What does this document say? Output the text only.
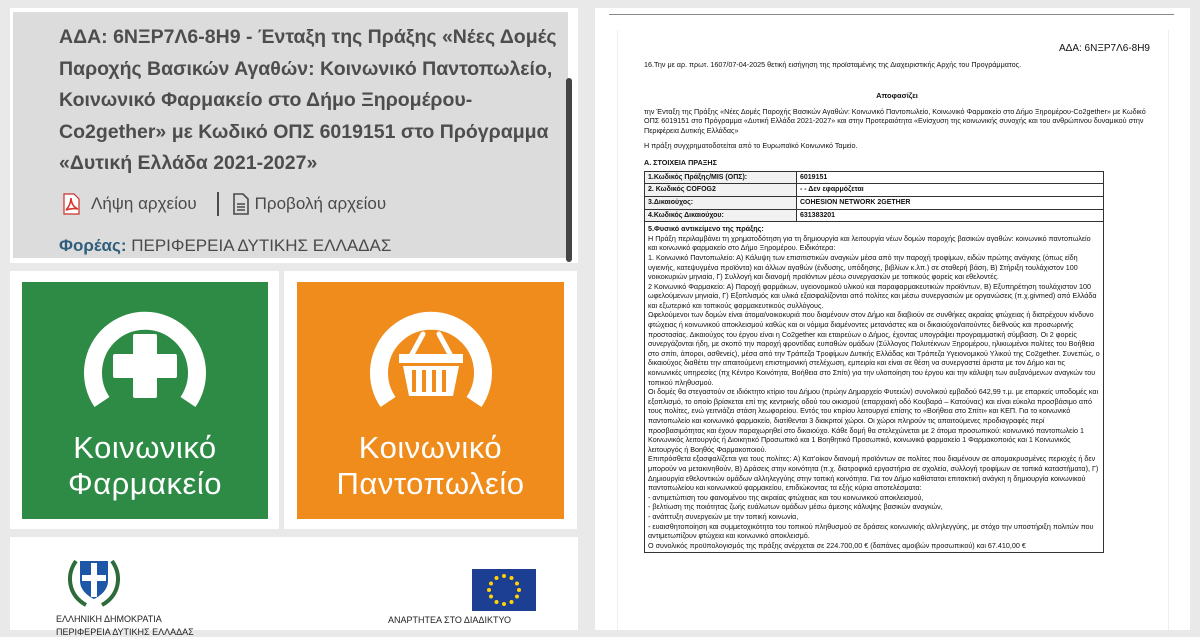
ΑΔΑ: 6ΝΞΡ7Λ6-8Η9 - Ένταξη της Πράξης «Νέες Δομές Παροχής Βασικών Αγαθών: Κοινωνικό Παντοπωλείο, Κοινωνικό Φαρμακείο στο Δήμο Ξηρομέρου-Co2gether» με Κωδικό ΟΠΣ 6019151 στο Πρόγραμμα «Δυτική Ελλάδα 2021-2027»
Λήψη αρχείου	Προβολή αρχείου
Φορέας: ΠΕΡΙΦΕΡΕΙΑ ΔΥΤΙΚΗΣ ΕΛΛΑΔΑΣ
Κοινωνικό
Φαρμακείο
Κοινωνικό
Παντοπωλείο
ΕΛΛΗΝΙΚΗ ΔΗΜΟΚΡΑΤΙΑ
ΠΕΡΙΦΕΡΕΙΑ ΔΥΤΙΚΗΣ ΕΛΛΑΔΑΣ
ΑΝΑΡΤΗΤΕΑ ΣΤΟ ΔΙΑΔΙΚΤΥΟ
ΑΔΑ: 6ΝΞΡ7Λ6-8Η9
16.Την με αρ. πρωτ. 1607/07-04-2025 θετική εισήγηση της προϊσταμένης της Διαχειριστικής Αρχής του Προγράμματος.
Αποφασίζει
την Ένταξη της Πράξης «Νέες Δομές Παροχής Βασικών Αγαθών: Κοινωνικό Παντοπωλείο, Κοινωνικό Φαρμακείο στο Δήμο Ξηρομέρου-Co2gether» με Κωδικό ΟΠΣ 6019151 στο Πρόγραμμα «Δυτική Ελλάδα 2021-2027» και στην Προτεραιότητα «Ενίσχυση της κοινωνικής συνοχής και του ανθρώπινου δυναμικού στην Περιφέρεια Δυτικής Ελλάδας»
Η πράξη συγχρηματοδοτείται από το Ευρωπαϊκό Κοινωνικό Ταμείο.
Α. ΣΤΟΙΧΕΙΑ ΠΡΑΞΗΣ
1.Κωδικός Πράξης/MIS (ΟΠΣ):	6019151
2. Κωδικός COFOG2	- - Δεν εφαρμόζεται
3.Δικαιούχος:	COHESION NETWORK 2GETHER
4.Κωδικός Δικαιούχου:	631383201
5.Φυσικό αντικείμενο της πράξης:
Η Πράξη περιλαμβάνει τη χρηματοδότηση για τη δημιουργία και λειτουργία νέων δομών παροχής βασικών αγαθών: κοινωνικό παντοπωλείο και κοινωνικό φαρμακείο στο Δήμο Ξηρομέρου. Ειδικότερα:
1. Κοινωνικό Παντοπωλείο: Α) Κάλυψη των επισιτιστικών αναγκών μέσα από την παροχή τροφίμων, ειδών πρώτης ανάγκης (όπως είδη υγιεινής, κατεψυγμένα προϊόντα) και άλλων αγαθών (ένδυσης, υπόδησης, βιβλίων κ.λπ.) σε σταθερή βάση, Β) Στήριξη τουλάχιστον 100 νοικοκυριών μηνιαία, Γ) Συλλογή και διανομή προϊόντων μέσω συνεργασιών με τοπικούς φορείς και εθελοντές.
2 Κοινωνικό Φαρμακείο: Α) Παροχή φαρμάκων, υγειονομικού υλικού και παραφαρμακευτικών προϊόντων, Β) Εξυπηρέτηση τουλάχιστον 100 ωφελούμενων μηνιαία, Γ) Εξοπλισμός και υλικά εξασφαλίζονται από πολίτες και μέσω συνεργασιών με οργανώσεις (π.χ.givmed) από Ελλάδα και εξωτερικό και τοπικούς φαρμακευτικούς συλλόγους.
Ωφελούμενοι των δομών είναι άτομα/νοικοκυριά που διαμένουν στον Δήμο και διαβιούν σε συνθήκες ακραίας φτώχειας ή διατρέχουν κίνδυνο φτώχειας ή κοινωνικού αποκλεισμού καθώς και οι νόμιμα διαμένοντες μετανάστες και οι δικαιούχοι/αιτούντες διεθνούς και προσωρινής προστασίας. Δικαιούχος του έργου είναι η Co2gether και εταιρεύων ο Δήμος, έχοντας υπογράψει προγραμματική σύμβαση. Οι 2 φορείς συνεργάζονται ήδη, με σκοπό την παροχή φροντίδας ευπαθών ομάδων (Σύλλογος Πολυτέκνων Ξηρομέρου, ηλικιωμένοι πολίτες του Βοήθεια στο σπίτι, άποροι, ασθενείς), μέσα από την Τράπεζα Τροφίμων Δυτικής Ελλάδας και Τράπεζα Υγειονομικού Υλικού της Co2gether. Συνεπώς, ο δικαιούχος διαθέτει την απαιτούμενη επιστημονική στελέχωση, εμπειρία και είναι σε θέση να συνεργαστεί άριστα με τον Δήμο και τις κοινωνικές υπηρεσίες (πχ Κέντρο Κοινότητα, Βοήθεια στο Σπίτι) για την υλοποίηση του έργου και την κάλυψη των αυξανόμενων αναγκών του τοπικού πληθυσμού.
Οι δομές θα στεγαστούν σε ιδιόκτητο κτίριο του Δήμου (πρώην Δημαρχείο Φυτειών) συνολικού εμβαδού 642,99 τ.μ. με επαρκείς υποδομές και εξοπλισμό, το οποίο βρίσκεται επί της κεντρικής οδού του οικισμού (επαρχιακή οδό Κουβαρά – Κατούνας) και είναι εύκολα προσβάσιμο από τους πολίτες, ενώ γειτνιάζει στάση λεωφορείου. Εντός του κτιρίου λειτουργεί επίσης το «Βοήθεια στο Σπίτι» και ΚΕΠ. Για το κοινωνικό παντοπωλείο και κοινωνικό φαρμακείο, διατίθενται 3 διακριτοί χώροι. Οι χώροι πληρούν τις απαιτούμενες προδιαγραφές περί προσβασιμότητας και έχουν παραχωρηθεί στο δικαιούχο. Κάθε δομή θα στελεχώνεται με 2 άτομα προσωπικού: κοινωνικό παντοπωλείο 1 Κοινωνικός λειτουργός ή Διοικητικό Προσωπικό και 1 Βοηθητικό Προσωπικό, κοινωνικό φαρμακείο 1 Φαρμακοποιός και 1 Κοινωνικός λειτουργός ή Βοηθός Φαρμακοποιού.
Επιπρόσθετα εξασφαλίζεται για τους πολίτες: Α) Κατ'οίκον διανομή προϊόντων σε πολίτες που διαμένουν σε απομακρυσμένες περιοχές ή δεν μπορούν να μετακινηθούν, Β) Δράσεις στην κοινότητα (π.χ. διατροφικά εργαστήρια σε σχολεία, συλλογή τροφίμων σε τοπικά καταστήματα), Γ) Δημιουργία εθελοντικών ομάδων αλληλεγγύης στην τοπική κοινότητα. Για τον Δήμο καθίσταται επιτακτική ανάγκη η δημιουργία κοινωνικού παντοπωλείου και κοινωνικού φαρμακείου, επιδιώκοντας τα εξής κύρια αποτελέσματα:
- αντιμετώπιση του φαινομένου της ακραίας φτώχειας και του κοινωνικού αποκλεισμού,
- βελτίωση της ποιότητας ζωής ευάλωτων ομάδων μέσω άμεσης κάλυψης βασικών αναγκών,
- ανάπτυξη συνεργειών με την τοπική κοινωνία,
- ευαισθητοποίηση και συμμετοχικότητα του τοπικού πληθυσμού σε δράσεις κοινωνικής αλληλεγγύης, με στόχο την υποστήριξη πολιτών που αντιμετωπίζουν φτώχεια και κοινωνικό αποκλεισμό.
Ο συνολικός προϋπολογισμός της πράξης ανέρχεται σε 224.700,00 € (δαπάνες αμοιβών προσωπικού) και 67.410,00 €
